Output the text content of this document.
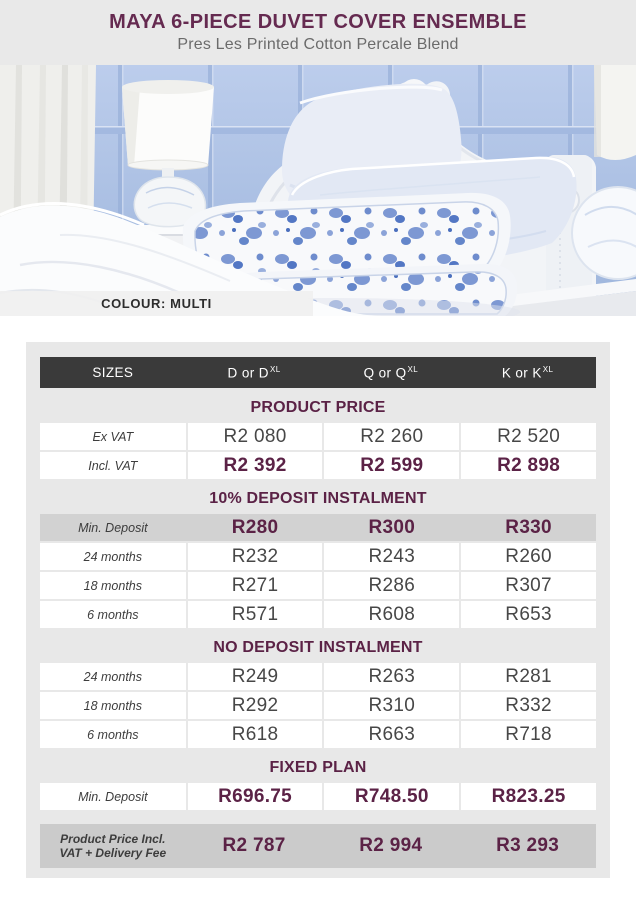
MAYA 6-PIECE DUVET COVER ENSEMBLE
Pres Les Printed Cotton Percale Blend
COLOUR: MULTI
SIZES	D or $D^{XL}$	Q or $Q^{XL}$	K or $K^{XL}$
PRODUCT PRICE
Ex VAT	R2 080	R2 260	R2 520
Incl. VAT	R2 392	R2 599	R2 898
10% DEPOSIT INSTALMENT
Min. Deposit	R280	R300	R330
24 months	R232	R243	R260
18 months	R271	R286	R307
6 months	R571	R608	R653
NO DEPOSIT INSTALMENT
24 months	R249	R263	R281
18 months	R292	R310	R332
6 months	R618	R663	R718
FIXED PLAN
Min. Deposit	R696.75	R748.50	R823.25
Product Price Incl.
VAT + Delivery Fee	R2 787	R2 994	R3 293
